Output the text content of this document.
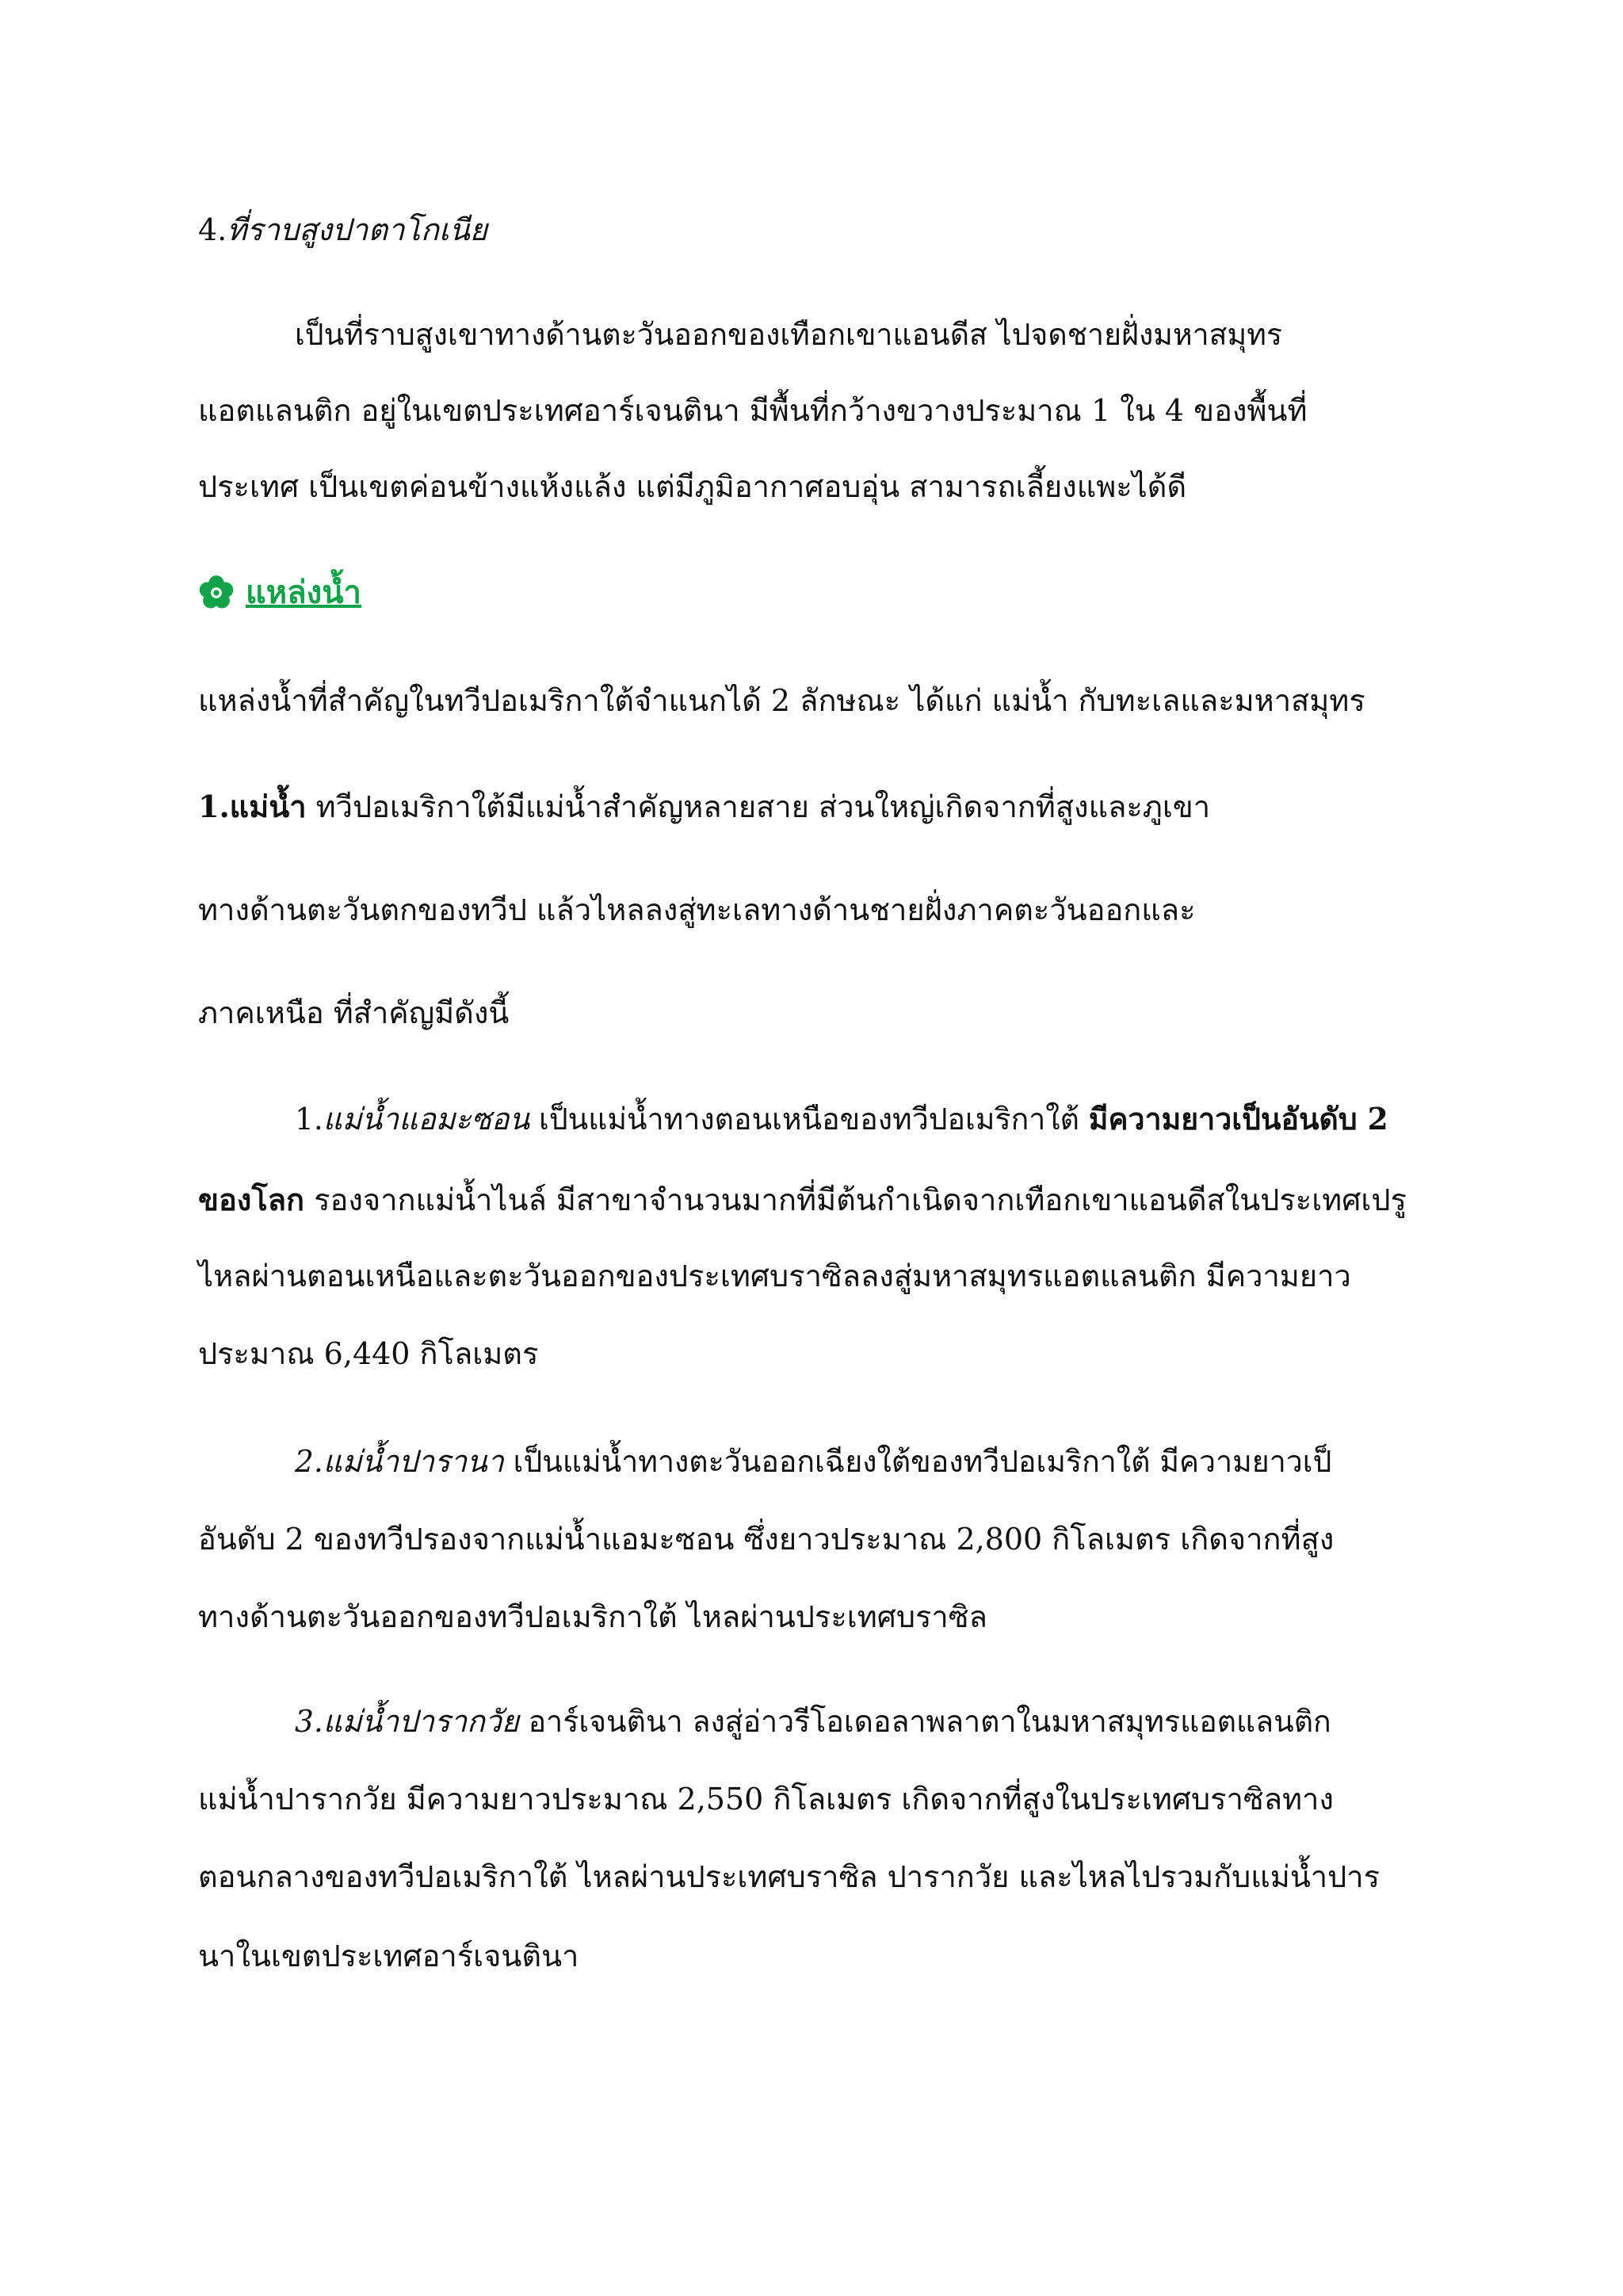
4.ที่ราบสูงปาตาโกเนีย
เป็นที่ราบสูงเขาทางด้านตะวันออกของเทือกเขาแอนดีส ไปจดชายฝั่งมหาสมุทร
แอตแลนติก อยู่ในเขตประเทศอาร์เจนตินา มีพื้นที่กว้างขวางประมาณ 1 ใน 4 ของพื้นที่
ประเทศ เป็นเขตค่อนข้างแห้งแล้ง แต่มีภูมิอากาศอบอุ่น สามารถเลี้ยงแพะได้ดี
แหล่งน้ำ
แหล่งน้ำที่สำคัญในทวีปอเมริกาใต้จำแนกได้ 2 ลักษณะ ได้แก่ แม่น้ำ กับทะเลและมหาสมุทร
1.แม่น้ำ ทวีปอเมริกาใต้มีแม่น้ำสำคัญหลายสาย ส่วนใหญ่เกิดจากที่สูงและภูเขา
ทางด้านตะวันตกของทวีป แล้วไหลลงสู่ทะเลทางด้านชายฝั่งภาคตะวันออกและ
ภาคเหนือ ที่สำคัญมีดังนี้
1.แม่น้ำแอมะซอน เป็นแม่น้ำทางตอนเหนือของทวีปอเมริกาใต้ มีความยาวเป็นอันดับ 2
ของโลก รองจากแม่น้ำไนล์ มีสาขาจำนวนมากที่มีต้นกำเนิดจากเทือกเขาแอนดีสในประเทศเปรู
ไหลผ่านตอนเหนือและตะวันออกของประเทศบราซิลลงสู่มหาสมุทรแอตแลนติก มีความยาว
ประมาณ 6,440 กิโลเมตร
2.แม่น้ำปารานา เป็นแม่น้ำทางตะวันออกเฉียงใต้ของทวีปอเมริกาใต้ มีความยาวเป็
อันดับ 2 ของทวีปรองจากแม่น้ำแอมะซอน ซึ่งยาวประมาณ 2,800 กิโลเมตร เกิดจากที่สูง
ทางด้านตะวันออกของทวีปอเมริกาใต้ ไหลผ่านประเทศบราซิล
3.แม่น้ำปารากวัย อาร์เจนตินา ลงสู่อ่าวรีโอเดอลาพลาตาในมหาสมุทรแอตแลนติก
แม่น้ำปารากวัย มีความยาวประมาณ 2,550 กิโลเมตร เกิดจากที่สูงในประเทศบราซิลทาง
ตอนกลางของทวีปอเมริกาใต้ ไหลผ่านประเทศบราซิล ปารากวัย และไหลไปรวมกับแม่น้ำปาร
นาในเขตประเทศอาร์เจนตินา
